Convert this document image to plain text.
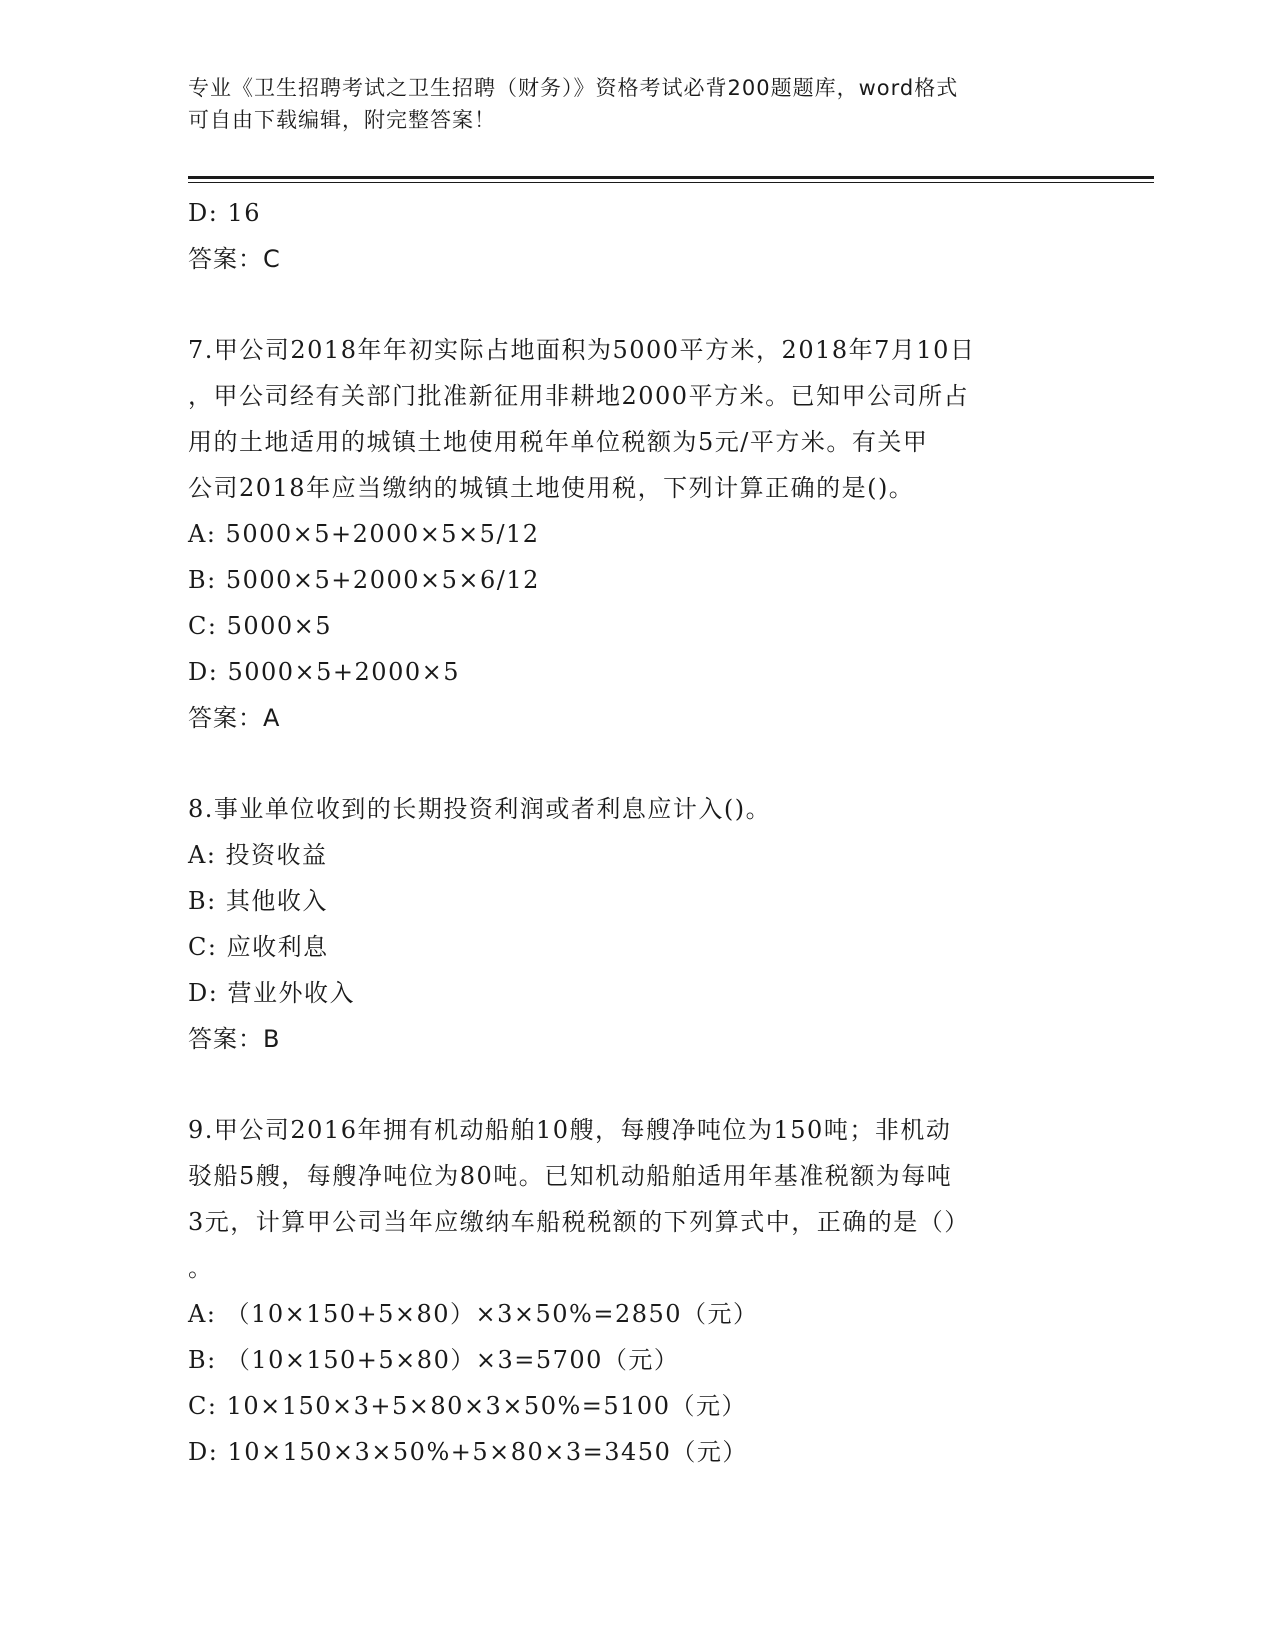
专业《卫生招聘考试之卫生招聘（财务）》资格考试必背200题题库，word格式
可自由下载编辑，附完整答案！
D: 16
答案：C
7.甲公司2018年年初实际占地面积为5000平方米，2018年7月10日
，甲公司经有关部门批准新征用非耕地2000平方米。已知甲公司所占
用的土地适用的城镇土地使用税年单位税额为5元/平方米。有关甲
公司2018年应当缴纳的城镇土地使用税，下列计算正确的是()。
A: 5000×5+2000×5×5/12
B: 5000×5+2000×5×6/12
C: 5000×5
D: 5000×5+2000×5
答案：A
8.事业单位收到的长期投资利润或者利息应计入()。
A: 投资收益
B: 其他收入
C: 应收利息
D: 营业外收入
答案：B
9.甲公司2016年拥有机动船舶10艘，每艘净吨位为150吨；非机动
驳船5艘，每艘净吨位为80吨。已知机动船舶适用年基准税额为每吨
3元，计算甲公司当年应缴纳车船税税额的下列算式中，正确的是（）
。
A: （10×150+5×80）×3×50%=2850（元）
B: （10×150+5×80）×3=5700（元）
C: 10×150×3+5×80×3×50%=5100（元）
D: 10×150×3×50%+5×80×3=3450（元）
